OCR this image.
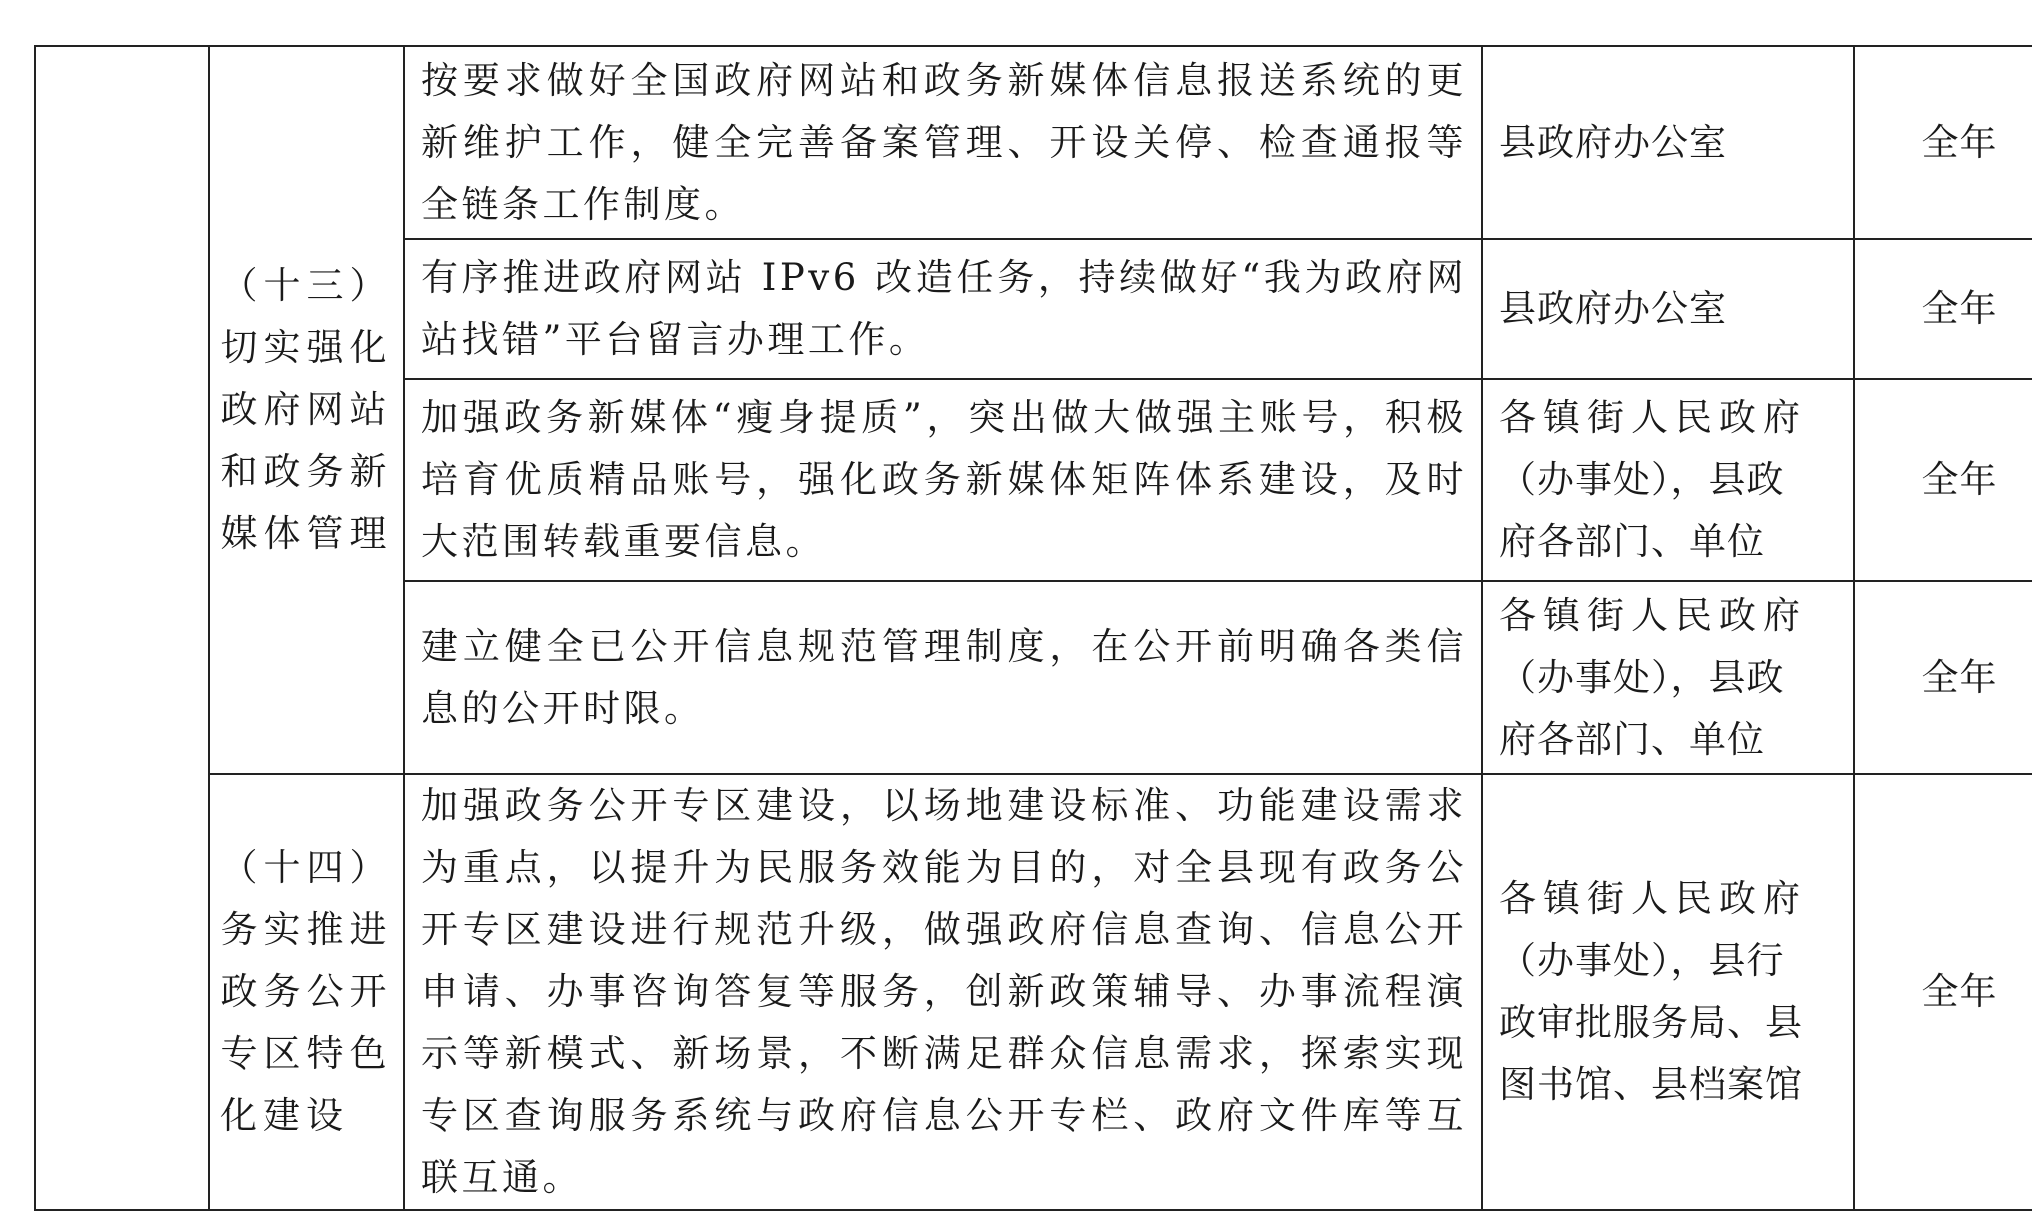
	（十三）
切实强化
政府网站
和政务新
媒体管理	按要求做好全国政府网站和政务新媒体信息报送系统的更新维护工作，健全完善备案管理、开设关停、检查通报等全链条工作制度。	县政府办公室	全年

		有序推进政府网站 IPv6 改造任务，持续做好“我为政府网站找错”平台留言办理工作。	县政府办公室	全年

		加强政务新媒体“瘦身提质”，突出做大做强主账号，积极培育优质精品账号，强化政务新媒体矩阵体系建设，及时大范围转载重要信息。	各镇街人民政府
（办事处），县政
府各部门、单位	全年

		建立健全已公开信息规范管理制度，在公开前明确各类信息的公开时限。	各镇街人民政府
（办事处），县政
府各部门、单位	全年

	（十四）
务实推进
政务公开
专区特色
化建设	加强政务公开专区建设，以场地建设标准、功能建设需求为重点，以提升为民服务效能为目的，对全县现有政务公开专区建设进行规范升级，做强政府信息查询、信息公开申请、办事咨询答复等服务，创新政策辅导、办事流程演示等新模式、新场景，不断满足群众信息需求，探索实现专区查询服务系统与政府信息公开专栏、政府文件库等互联互通。	各镇街人民政府
（办事处），县行
政审批服务局、县
图书馆、县档案馆	全年
